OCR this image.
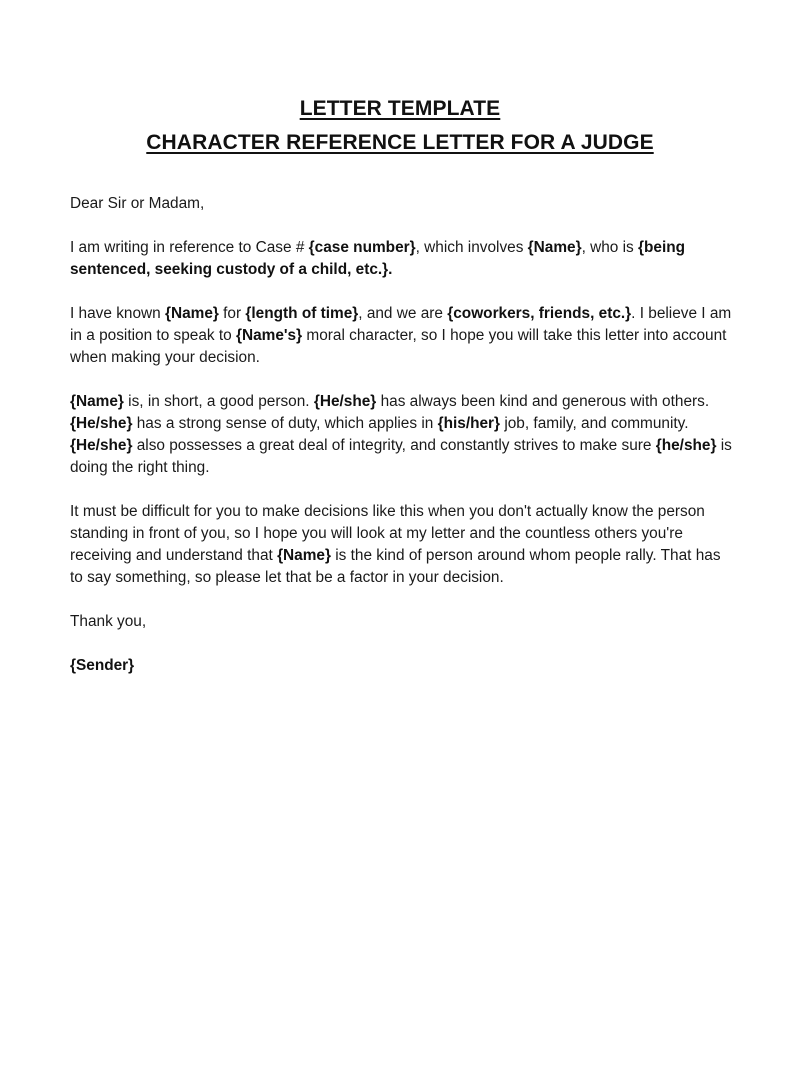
LETTER TEMPLATE
CHARACTER REFERENCE LETTER FOR A JUDGE

Dear Sir or Madam,

I am writing in reference to Case # {case number}, which involves {Name}, who is {being sentenced, seeking custody of a child, etc.}.

I have known {Name} for {length of time}, and we are {coworkers, friends, etc.}. I believe I am in a position to speak to {Name's} moral character, so I hope you will take this letter into account when making your decision.

{Name} is, in short, a good person. {He/she} has always been kind and generous with others. {He/she} has a strong sense of duty, which applies in {his/her} job, family, and community. {He/she} also possesses a great deal of integrity, and constantly strives to make sure {he/she} is doing the right thing.

It must be difficult for you to make decisions like this when you don't actually know the person standing in front of you, so I hope you will look at my letter and the countless others you're receiving and understand that {Name} is the kind of person around whom people rally. That has to say something, so please let that be a factor in your decision.

Thank you,

{Sender}
